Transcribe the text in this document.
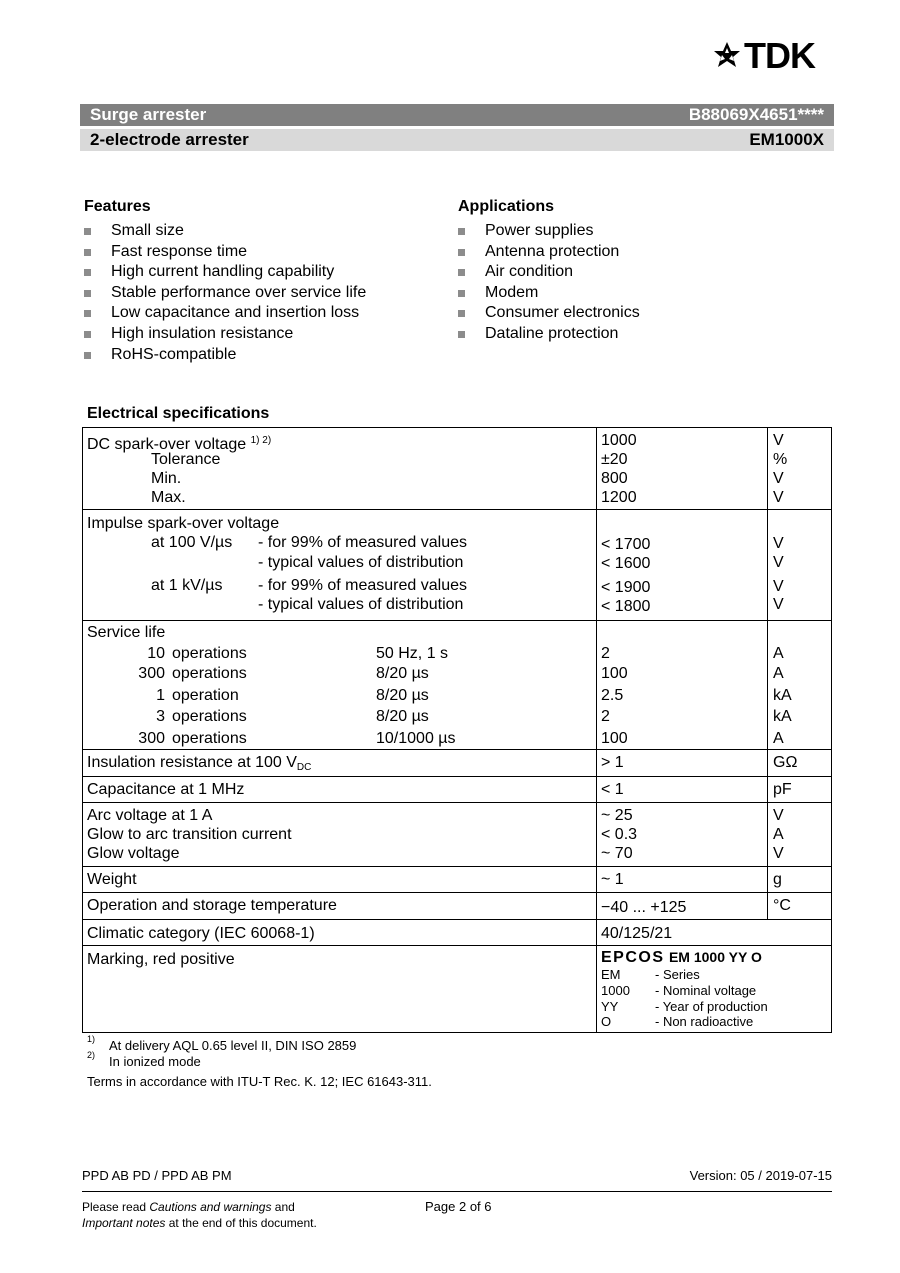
TDK
Surge arrester	B88069X4651****
2-electrode arrester	EM1000X
Features
Small size
Fast response time
High current handling capability
Stable performance over service life
Low capacitance and insertion loss
High insulation resistance
RoHS-compatible
Applications
Power supplies
Antenna protection
Air condition
Modem
Consumer electronics
Dataline protection
Electrical specifications
DC spark-over voltage $^{1) 2)}$	1000	V
Tolerance	±20	%
Min.	800	V
Max.	1200	V
Impulse spark-over voltage
at 100 V/µs - for 99% of measured values	< 1700	V
- typical values of distribution	< 1600	V
at 1 kV/µs - for 99% of measured values	< 1900	V
- typical values of distribution	< 1800	V
Service life
10 operations	50 Hz, 1 s	2	A
300 operations	8/20 µs	100	A
1 operation	8/20 µs	2.5	kA
3 operations	8/20 µs	2	kA
300 operations	10/1000 µs	100	A
Insulation resistance at 100 $V_{DC}$	> 1	GΩ
Capacitance at 1 MHz	< 1	pF
Arc voltage at 1 A	~ 25	V
Glow to arc transition current	< 0.3	A
Glow voltage	~ 70	V
Weight	~ 1	g
Operation and storage temperature	−40 ... +125	°C
Climatic category (IEC 60068-1)	40/125/21
Marking, red positive	EPCOS EM 1000 YY O
EM	- Series
1000 - Nominal voltage
YY	- Year of production
O	- Non radioactive
1) At delivery AQL 0.65 level II, DIN ISO 2859
2) In ionized mode
Terms in accordance with ITU-T Rec. K. 12; IEC 61643-311.
PPD AB PD / PPD AB PM	Version: 05 / 2019-07-15
Please read Cautions and warnings and
Important notes at the end of this document.
Page 2 of 6
